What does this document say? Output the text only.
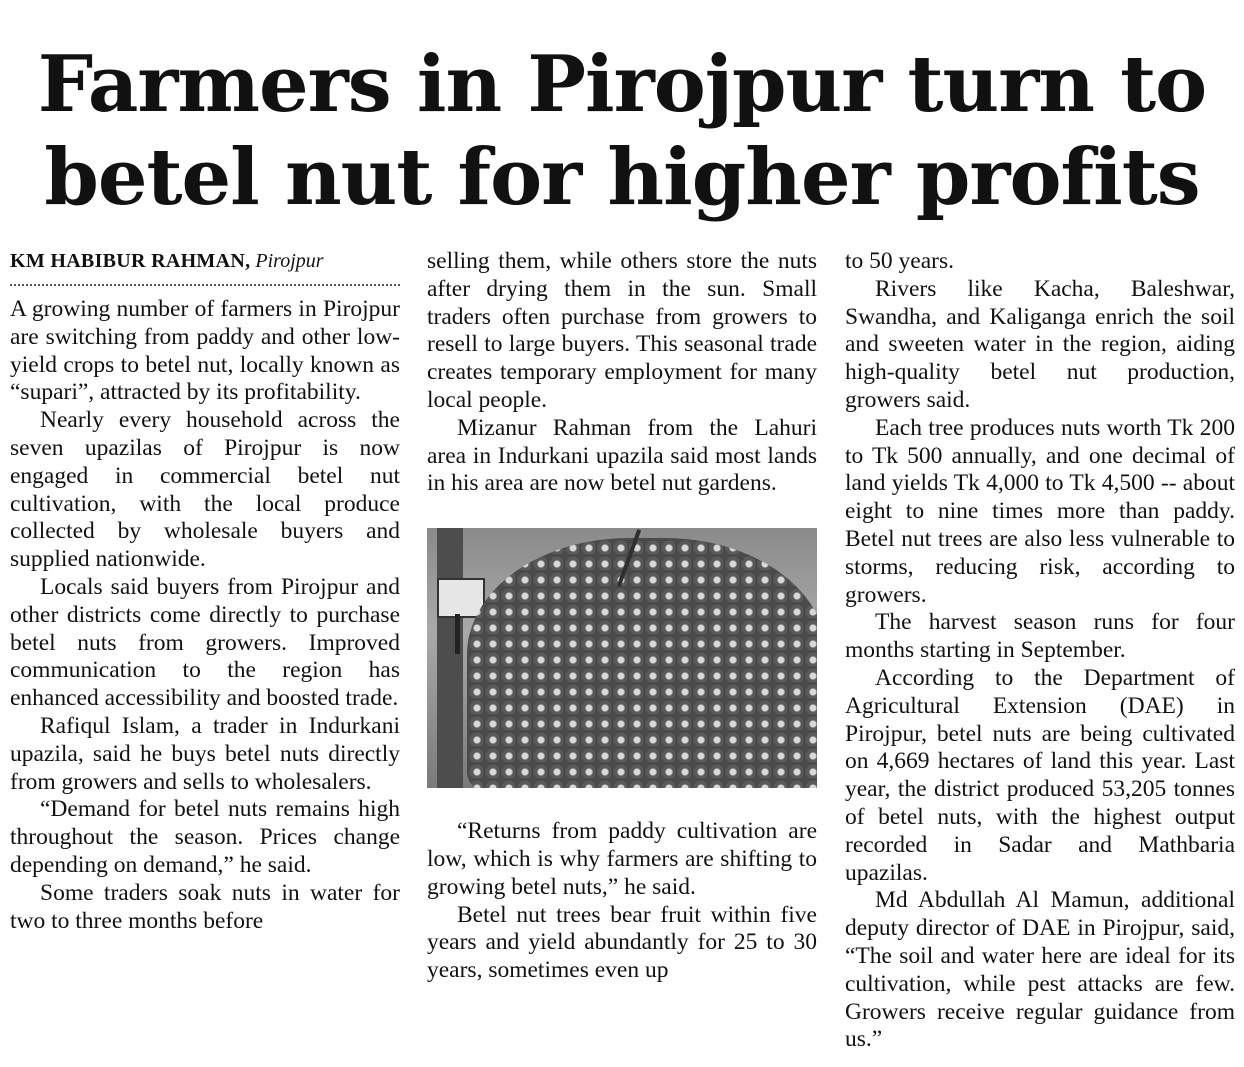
Farmers in Pirojpur turn to
betel nut for higher profits
KM HABIBUR RAHMAN, Pirojpur

A growing number of farmers in Pirojpur are switching from paddy and other low-yield crops to betel nut, locally known as “supari”, attracted by its profitability.

Nearly every household across the seven upazilas of Pirojpur is now engaged in commercial betel nut cultivation, with the local produce collected by wholesale buyers and supplied nationwide.

Locals said buyers from Pirojpur and other districts come directly to purchase betel nuts from growers. Improved communication to the region has enhanced accessibility and boosted trade.

Rafiqul Islam, a trader in Indurkani upazila, said he buys betel nuts directly from growers and sells to wholesalers.

“Demand for betel nuts remains high throughout the season. Prices change depending on demand,” he said.

Some traders soak nuts in water for two to three months before

selling them, while others store the nuts after drying them in the sun. Small traders often purchase from growers to resell to large buyers. This seasonal trade creates temporary employment for many local people.

Mizanur Rahman from the Lahuri area in Indurkani upazila said most lands in his area are now betel nut gardens.

“Returns from paddy cultivation are low, which is why farmers are shifting to growing betel nuts,” he said.

Betel nut trees bear fruit within five years and yield abundantly for 25 to 30 years, sometimes even up

to 50 years.

Rivers like Kacha, Baleshwar, Swandha, and Kaliganga enrich the soil and sweeten water in the region, aiding high-quality betel nut production, growers said.

Each tree produces nuts worth Tk 200 to Tk 500 annually, and one decimal of land yields Tk 4,000 to Tk 4,500 -- about eight to nine times more than paddy. Betel nut trees are also less vulnerable to storms, reducing risk, according to growers.

The harvest season runs for four months starting in September.

According to the Department of Agricultural Extension (DAE) in Pirojpur, betel nuts are being cultivated on 4,669 hectares of land this year. Last year, the district produced 53,205 tonnes of betel nuts, with the highest output recorded in Sadar and Mathbaria upazilas.

Md Abdullah Al Mamun, additional deputy director of DAE in Pirojpur, said, “The soil and water here are ideal for its cultivation, while pest attacks are few. Growers receive regular guidance from us.”
